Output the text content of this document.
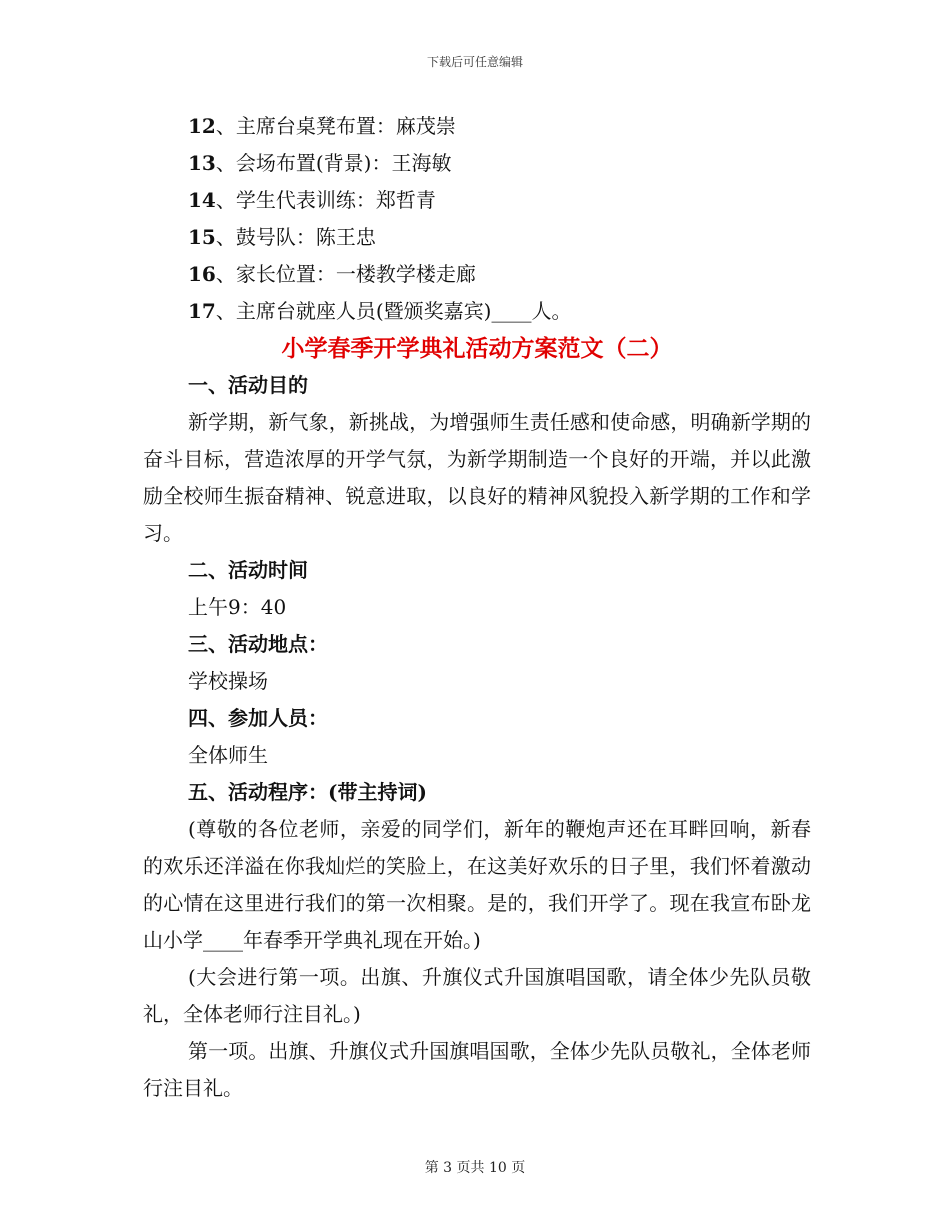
下载后可任意编辑

12、主席台桌凳布置：麻茂崇

13、会场布置(背景)：王海敏

14、学生代表训练：郑哲青

15、鼓号队：陈王忠

16、家长位置：一楼教学楼走廊

17、主席台就座人员(暨颁奖嘉宾)____人。

小学春季开学典礼活动方案范文（二）

一、活动目的

新学期，新气象，新挑战，为增强师生责任感和使命感，明确新学期的奋斗目标，营造浓厚的开学气氛，为新学期制造一个良好的开端，并以此激励全校师生振奋精神、锐意进取，以良好的精神风貌投入新学期的工作和学习。

二、活动时间

上午9：40

三、活动地点：

学校操场

四、参加人员：

全体师生

五、活动程序：(带主持词)

(尊敬的各位老师，亲爱的同学们，新年的鞭炮声还在耳畔回响，新春的欢乐还洋溢在你我灿烂的笑脸上，在这美好欢乐的日子里，我们怀着激动的心情在这里进行我们的第一次相聚。是的，我们开学了。现在我宣布卧龙山小学____年春季开学典礼现在开始。)

(大会进行第一项。出旗、升旗仪式升国旗唱国歌，请全体少先队员敬礼，全体老师行注目礼。)

第一项。出旗、升旗仪式升国旗唱国歌，全体少先队员敬礼，全体老师行注目礼。

第 3 页共 10 页
